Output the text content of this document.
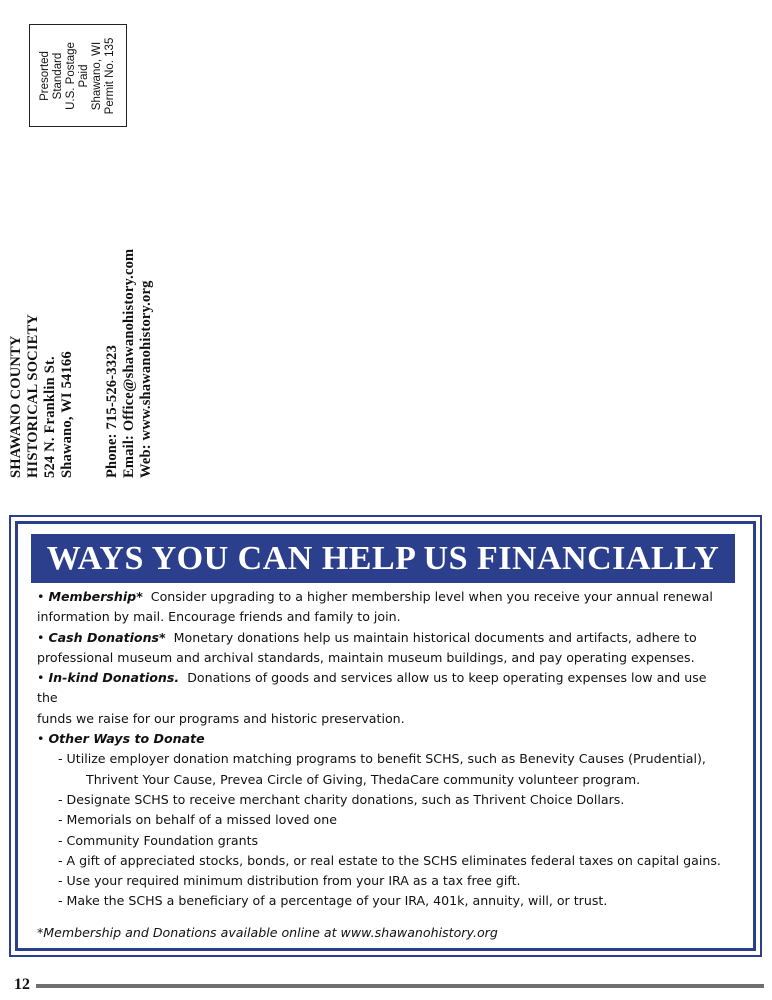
Presorted Standard U.S. Postage Paid Shawano, WI Permit No. 135
SHAWANO COUNTY HISTORICAL SOCIETY 524 N. Franklin St. Shawano, WI 54166 Phone: 715-526-3323 Email: Office@shawanohistory.com Web: www.shawanohistory.org
WAYS YOU CAN HELP US FINANCIALLY
• Membership* Consider upgrading to a higher membership level when you receive your annual renewal
information by mail. Encourage friends and family to join.
• Cash Donations* Monetary donations help us maintain historical documents and artifacts, adhere to
professional museum and archival standards, maintain museum buildings, and pay operating expenses.
• In-kind Donations. Donations of goods and services allow us to keep operating expenses low and use the
funds we raise for our programs and historic preservation.
• Other Ways to Donate
- Utilize employer donation matching programs to benefit SCHS, such as Benevity Causes (Prudential),
Thrivent Your Cause, Prevea Circle of Giving, ThedaCare community volunteer program.
- Designate SCHS to receive merchant charity donations, such as Thrivent Choice Dollars.
- Memorials on behalf of a missed loved one
- Community Foundation grants
- A gift of appreciated stocks, bonds, or real estate to the SCHS eliminates federal taxes on capital gains.
- Use your required minimum distribution from your IRA as a tax free gift.
- Make the SCHS a beneficiary of a percentage of your IRA, 401k, annuity, will, or trust.
*Membership and Donations available online at www.shawanohistory.org
12
